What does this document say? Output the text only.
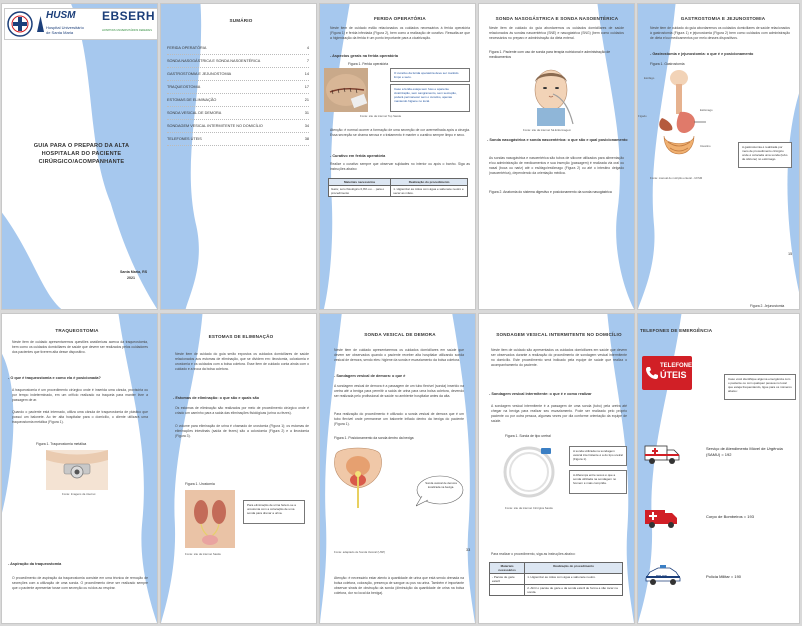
HUSM
Hospital Universitário
de Santa Maria
EBSERH
HOSPITAIS UNIVERSITÁRIOS FEDERAIS
GUIA PARA O PREPARO DA ALTA HOSPITALAR DO PACIENTE CIRÚRGICO/ACOMPANHANTE
Santa Maria, RS
2021
SUMÁRIO
FERIDA OPERATÓRIA	4
SONDA NASOGÁSTRICA E SONDA NASOENTÉRICA	7
GASTROSTOMIA E JEJUNOSTOMIA	14
TRAQUEOSTOMIA	17
ESTOMAS DE ELIMINAÇÃO	21
SONDA VESICAL DE DEMORA	31
SONDAGEM VESICAL INTERMITENTE NO DOMICÍLIO	34
TELEFONES ÚTEIS	38
FERIDA OPERATÓRIA
Neste item de cuidado estão relacionados os cuidados necessários à ferida operatória (Figura 1) e ferida infectada (Figura 2), bem como a realização de curativo. Ressalta-se que a higienização da ferida é um ponto importante para a cicatrização.
- Aspectos gerais na ferida operatória
Figura 1. Ferida operatória
O curativo da ferida operatória deve ser mantido limpo e seco.
Caso a ferida esteja sem fuso e aparente cicatrização, sem sangramento, sem secreção, poderá permanecer sem o curativo, apenas mantendo higiene no local.
Fonte: site da internet Top Saúde
Atenção: é normal ocorrer a formação de uma secreção de cor avermelhada após a cirurgia. Essa secreção se chama serosa e o tratamento é manter o curativo sempre limpo e seco.
- Curativo em ferida operatória
Realize o curativo sempre que observar sujidades no interior ou após o banho. Siga as instruções abaixo:
Materiais necessários	Realização do procedimento
Gaze; soro fisiológico 0,9% ou ... para o procedimento	1. Higienizar as mãos com água e sabonete neutro e secar as mãos.
SONDA NASOGÁSTRICA E SONDA NASOENTÉRICA
Neste item de cuidado do guia abordaremos os cuidados domiciliares de saúde relacionados às sondas nasoentérica (SNE) e nasogástrica (SNG) (bem como cuidados necessários no preparo e administração da dieta enteral.
Figura 1. Paciente com uso de sonda para terapia nutricional e administração de medicamentos
Fonte: site da internet Sá Enfermagem
- Sonda nasogástrica e sonda nasoentérica: o que são e qual posicionamento
As sondas nasogástrica e nasoentérica são tubos de silicone utilizados para alimentação e/ou administração de medicamentos e sua inserção (passagem) é realizada via oral ou nasal (boca ou nariz) até o esôfago/estômago (Figura 2) ou até o intestino delgado (nasoentérica), dependendo da orientação médica.
Figura 2. Anatomia do sistema digestivo e posicionamento da sonda nasogástrica
GASTROSTOMIA E JEJUNOSTOMIA
Neste item de cuidado do guia abordaremos os cuidados domiciliares de saúde relacionados à gastrostomia (Figura 1) e jejunostomia (Figura 2) bem como cuidados com administração de dieta e/ou medicamentos por meio desses dispositivos.
- Gastrostomia e jejunostomia: o que é e posicionamento
Figura 1. Gastrostomia
Esôfago
Estômago
Fígado
Intestino	A gastrostomia é realizada por meio de procedimento cirúrgico onde é colocada uma sonda (tubo de silicone) no estômago.
Fonte: manual de nutrição enteral - UFSM
15
Figura 2. Jejunostomia
TRAQUEOSTOMIA
Neste item de cuidado apresentaremos questões anatômicas acerca da traqueostomia, bem como os cuidados domiciliares de saúde que devem ser realizados pelos cuidadores dos pacientes que tiverem alta desse dispositivo.
- O que é traqueostomia e como ela é posicionada?
A traqueostomia é um procedimento cirúrgico onde é inserida uma cânula, provisória ou por tempo indeterminado, em um orifício realizado na traqueia para manter livre a passagem de ar.
Quando o paciente está internado, utiliza uma cânula de traqueostomia de plástico que possui um balonete. Ao ter alta hospitalar para o domicílio, o cliente utilizará uma traqueostomia metálica (Figura 1).
Figura 1. Traqueostomia metálica
Fonte: Imagens da internet
- Aspiração da traqueostomia
O procedimento de aspiração da traqueostomia consiste em uma técnica de remoção de secreções com a utilização de uma sonda. O procedimento deve ser realizado sempre que o paciente apresentar tosse com secreção ou ruídos ao respirar.
ESTOMAS DE ELIMINAÇÃO
Neste item de cuidado do guia serão expostos os cuidados domiciliares de saúde relacionados aos estomas de eliminação, que se dividem em: ileostomia, colostomia e urostomia e os cuidados com a bolsa coletora. Esse item de cuidado conta ainda com o cuidado e a troca da bolsa coletora.
- Estomas de eliminação: o que são e quais são
Os estomas de eliminação são realizados por meio de procedimento cirúrgico onde é criado um caminho para a saída das eliminações fisiológicas (urina ou fezes).
O volume para eliminação de urina é chamado de urostomia (Figura 1); os estomas de eliminações intestinais (saída de fezes) são a colostomia (Figura 2) e a ileostomia (Figura 3).
Figura 1. Urostomia
Para eliminação de urina fazem-se a urostomia com a colocação de uma sonda para drenar a urina.
Fonte: site da internet Saúde
SONDA VESICAL DE DEMORA
Neste item de cuidado apresentaremos os cuidados domiciliares em saúde que devem ser observados quando o paciente receber alta hospitalar utilizando sonda vesical de demora, sendo eles: higiene da sonda e esvaziamento da bolsa coletora.
- Sondagem vesical de demora: o que é
A sondagem vesical de demora é a passagem de um tubo flexível (sonda) inserido na uretra até a bexiga para permitir a saída de urina para uma bolsa coletora, devendo ser realizada pelo profissional de saúde no ambiente hospitalar antes da alta.
Para realização do procedimento é utilizado: a sonda vesical de demora que é um tubo flexível onde permanece um balonete inflado dentro da bexiga do paciente (Figura 1).
Figura 1. Posicionamento da sonda dentro da bexiga
Sonda vesical de demora localizada na bexiga.
Fonte: adaptado de Sonda Vesical (USP)	33
Atenção: é necessário estar atento à quantidade de urina que está sendo drenada na bolsa coletora, coloração, presença de sangue ou pus na urina. Também é importante observar sinais de obstrução da sonda (diminuição da quantidade de urina na bolsa coletora, dor no local da bexiga).
SONDAGEM VESICAL INTERMITENTE NO DOMICÍLIO
Neste item de cuidado são apresentados os cuidados domiciliares em saúde que devem ser observados durante a realização do procedimento de sondagem vesical intermitente no domicílio. Este procedimento será indicado pela equipe de saúde que realiza o acompanhamento do paciente.
- Sondagem vesical intermitente: o que é e como realizar
A sondagem vesical intermitente é a passagem de uma sonda (tubo) pela uretra até chegar na bexiga para realizar seu esvaziamento. Pode ser realizado pelo próprio paciente ou por outra pessoa, algumas vezes por dia conforme orientação da equipe de saúde.
Figura 1. Sonda de tipo uretral
A sonda utilizada na sondagem vesical intermitente é a do tipo uretral (Figura 1).
A diferença entre sexos é que a sonda utilizada na sondagem no homem é mais comprida.
Fonte: site da internet Cirúrgica Saúde
Para realizar o procedimento, siga as instruções abaixo:
Materiais necessários	Realização do procedimento
- Pacote de gaze estéril	1. Higienizar as mãos com água e sabonete neutro.
	2. Abrir o pacote de gaze e da sonda estéril de forma a não tocar na sonda.
TELEFONES DE EMERGÊNCIA
TELEFONES
ÚTEIS	Caso você identifique alguma emergência com o paciente ou com qualquer pessoa no local que esteja frequentando, ligue para os números abaixo:
Serviço de Atendimento Móvel de Urgência (SAMU) = 192
Corpo de Bombeiros = 193
POLICE	Polícia Militar = 190
